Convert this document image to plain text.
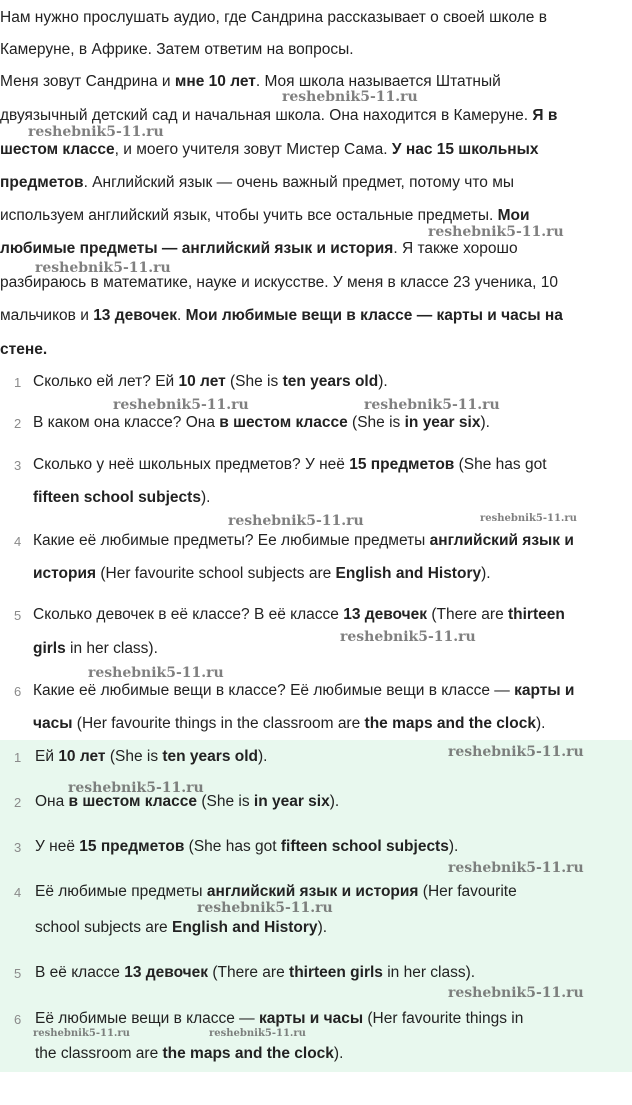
Нам нужно прослушать аудио, где Сандрина рассказывает о своей школе в
Камеруне, в Африке. Затем ответим на вопросы.
Меня зовут Сандрина и мне 10 лет. Моя школа называется Штатный
двуязычный детский сад и начальная школа. Она находится в Камеруне. Я в
шестом классе, и моего учителя зовут Мистер Сама. У нас 15 школьных
предметов. Английский язык — очень важный предмет, потому что мы
используем английский язык, чтобы учить все остальные предметы. Мои
любимые предметы — английский язык и история. Я также хорошо
разбираюсь в математике, науке и искусстве. У меня в классе 23 ученика, 10
мальчиков и 13 девочек. Мои любимые вещи в классе — карты и часы на
стене.
1 Сколько ей лет? Ей 10 лет (She is ten years old).
2 В каком она классе? Она в шестом классе (She is in year six).
3 Сколько у неё школьных предметов? У неё 15 предметов (She has got
fifteen school subjects).
4 Какие её любимые предметы? Ее любимые предметы английский язык и
история (Her favourite school subjects are English and History).
5 Сколько девочек в её классе? В её классе 13 девочек (There are thirteen
girls in her class).
6 Какие её любимые вещи в классе? Её любимые вещи в классе — карты и
часы (Her favourite things in the classroom are the maps and the clock).
1 Ей 10 лет (She is ten years old).
2 Она в шестом классе (She is in year six).
3 У неё 15 предметов (She has got fifteen school subjects).
4 Её любимые предметы английский язык и история (Her favourite
school subjects are English and History).
5 В её классе 13 девочек (There are thirteen girls in her class).
6 Её любимые вещи в классе — карты и часы (Her favourite things in
the classroom are the maps and the clock).
reshebnik5-11.ru
reshebnik5-11.ru
reshebnik5-11.ru
reshebnik5-11.ru
reshebnik5-11.ru	reshebnik5-11.ru
reshebnik5-11.ru	reshebnik5-11.ru
reshebnik5-11.ru
reshebnik5-11.ru
reshebnik5-11.ru
reshebnik5-11.ru
reshebnik5-11.ru
reshebnik5-11.ru
reshebnik5-11.ru
reshebnik5-11.ru	reshebnik5-11.ru
